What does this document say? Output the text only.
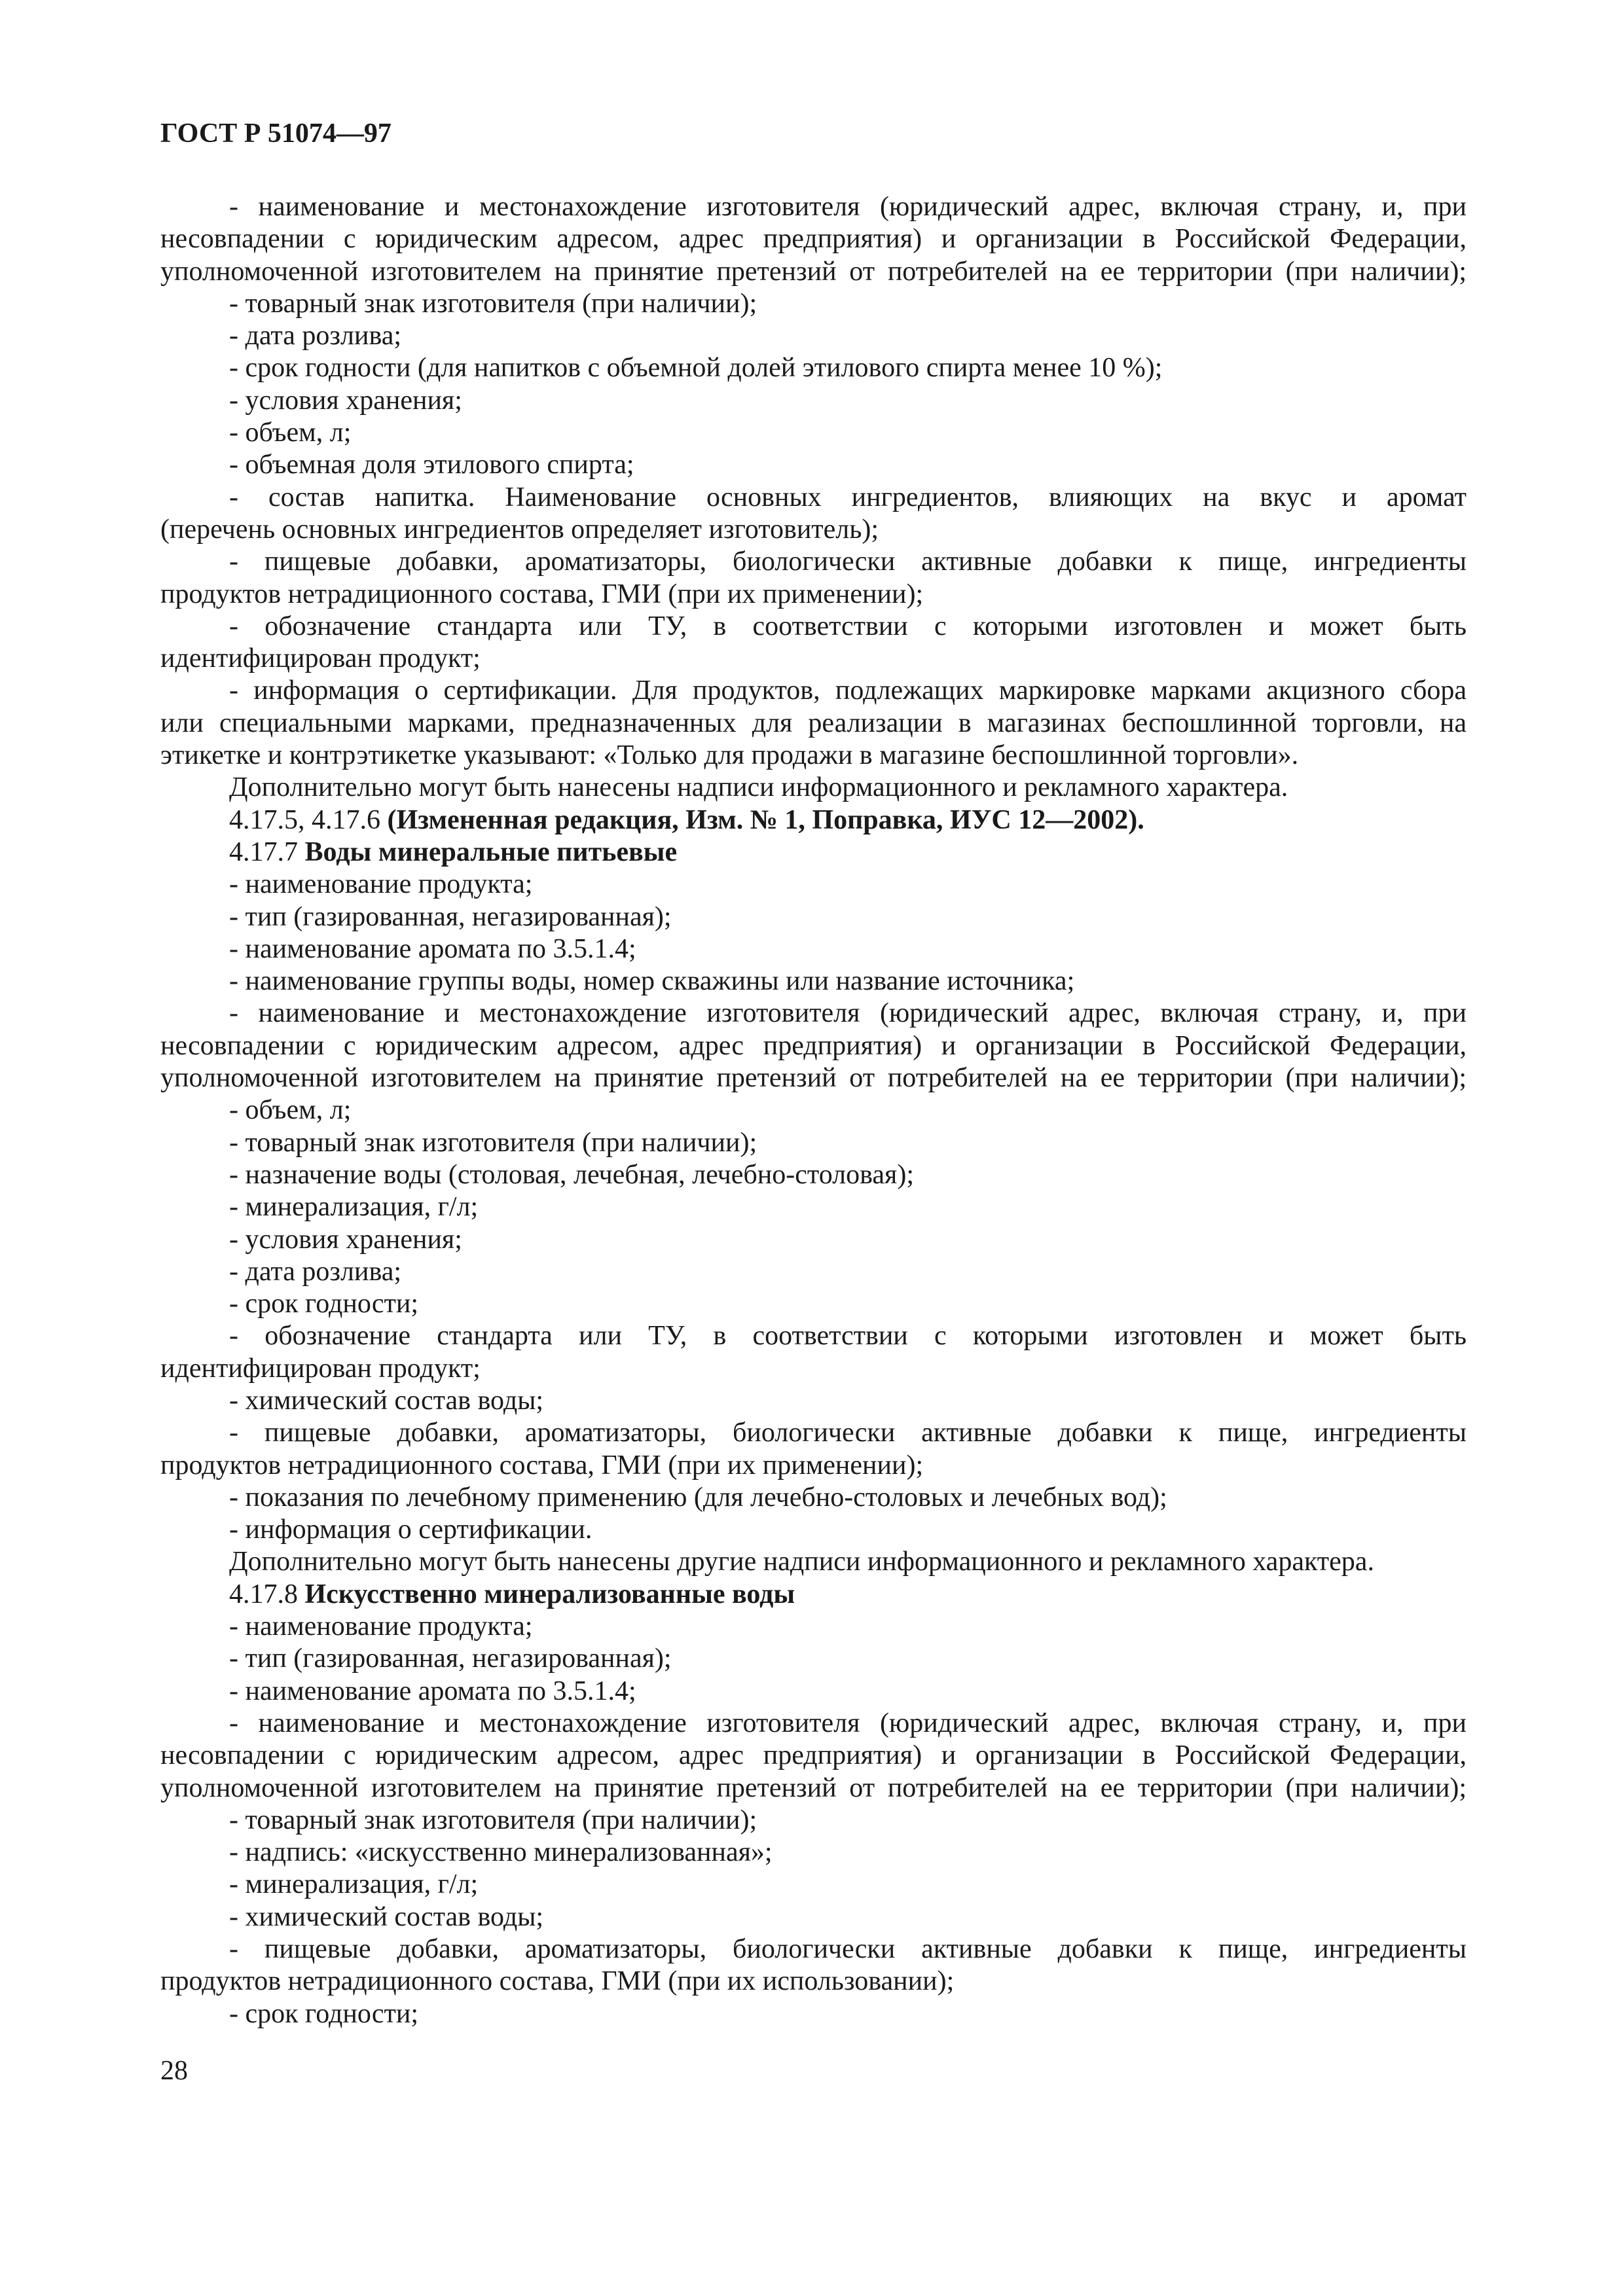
ГОСТ Р 51074—97
- наименование и местонахождение изготовителя (юридический адрес, включая страну, и, при
несовпадении с юридическим адресом, адрес предприятия) и организации в Российской Федерации,
уполномоченной изготовителем на принятие претензий от потребителей на ее территории (при наличии);
- товарный знак изготовителя (при наличии);
- дата розлива;
- срок годности (для напитков с объемной долей этилового спирта менее 10 %);
- условия хранения;
- объем, л;
- объемная доля этилового спирта;
- состав напитка. Наименование основных ингредиентов, влияющих на вкус и аромат
(перечень основных ингредиентов определяет изготовитель);
- пищевые добавки, ароматизаторы, биологически активные добавки к пище, ингредиенты
продуктов нетрадиционного состава, ГМИ (при их применении);
- обозначение стандарта или ТУ, в соответствии с которыми изготовлен и может быть
идентифицирован продукт;
- информация о сертификации. Для продуктов, подлежащих маркировке марками акцизного сбора
или специальными марками, предназначенных для реализации в магазинах беспошлинной торговли, на
этикетке и контрэтикетке указывают: «Только для продажи в магазине беспошлинной торговли».
Дополнительно могут быть нанесены надписи информационного и рекламного характера.
4.17.5, 4.17.6 (Измененная редакция, Изм. № 1, Поправка, ИУС 12—2002).
4.17.7 Воды минеральные питьевые
- наименование продукта;
- тип (газированная, негазированная);
- наименование аромата по 3.5.1.4;
- наименование группы воды, номер скважины или название источника;
- наименование и местонахождение изготовителя (юридический адрес, включая страну, и, при
несовпадении с юридическим адресом, адрес предприятия) и организации в Российской Федерации,
уполномоченной изготовителем на принятие претензий от потребителей на ее территории (при наличии);
- объем, л;
- товарный знак изготовителя (при наличии);
- назначение воды (столовая, лечебная, лечебно-столовая);
- минерализация, г/л;
- условия хранения;
- дата розлива;
- срок годности;
- обозначение стандарта или ТУ, в соответствии с которыми изготовлен и может быть
идентифицирован продукт;
- химический состав воды;
- пищевые добавки, ароматизаторы, биологически активные добавки к пище, ингредиенты
продуктов нетрадиционного состава, ГМИ (при их применении);
- показания по лечебному применению (для лечебно-столовых и лечебных вод);
- информация о сертификации.
Дополнительно могут быть нанесены другие надписи информационного и рекламного характера.
4.17.8 Искусственно минерализованные воды
- наименование продукта;
- тип (газированная, негазированная);
- наименование аромата по 3.5.1.4;
- наименование и местонахождение изготовителя (юридический адрес, включая страну, и, при
несовпадении с юридическим адресом, адрес предприятия) и организации в Российской Федерации,
уполномоченной изготовителем на принятие претензий от потребителей на ее территории (при наличии);
- товарный знак изготовителя (при наличии);
- надпись: «искусственно минерализованная»;
- минерализация, г/л;
- химический состав воды;
- пищевые добавки, ароматизаторы, биологически активные добавки к пище, ингредиенты
продуктов нетрадиционного состава, ГМИ (при их использовании);
- срок годности;
28
